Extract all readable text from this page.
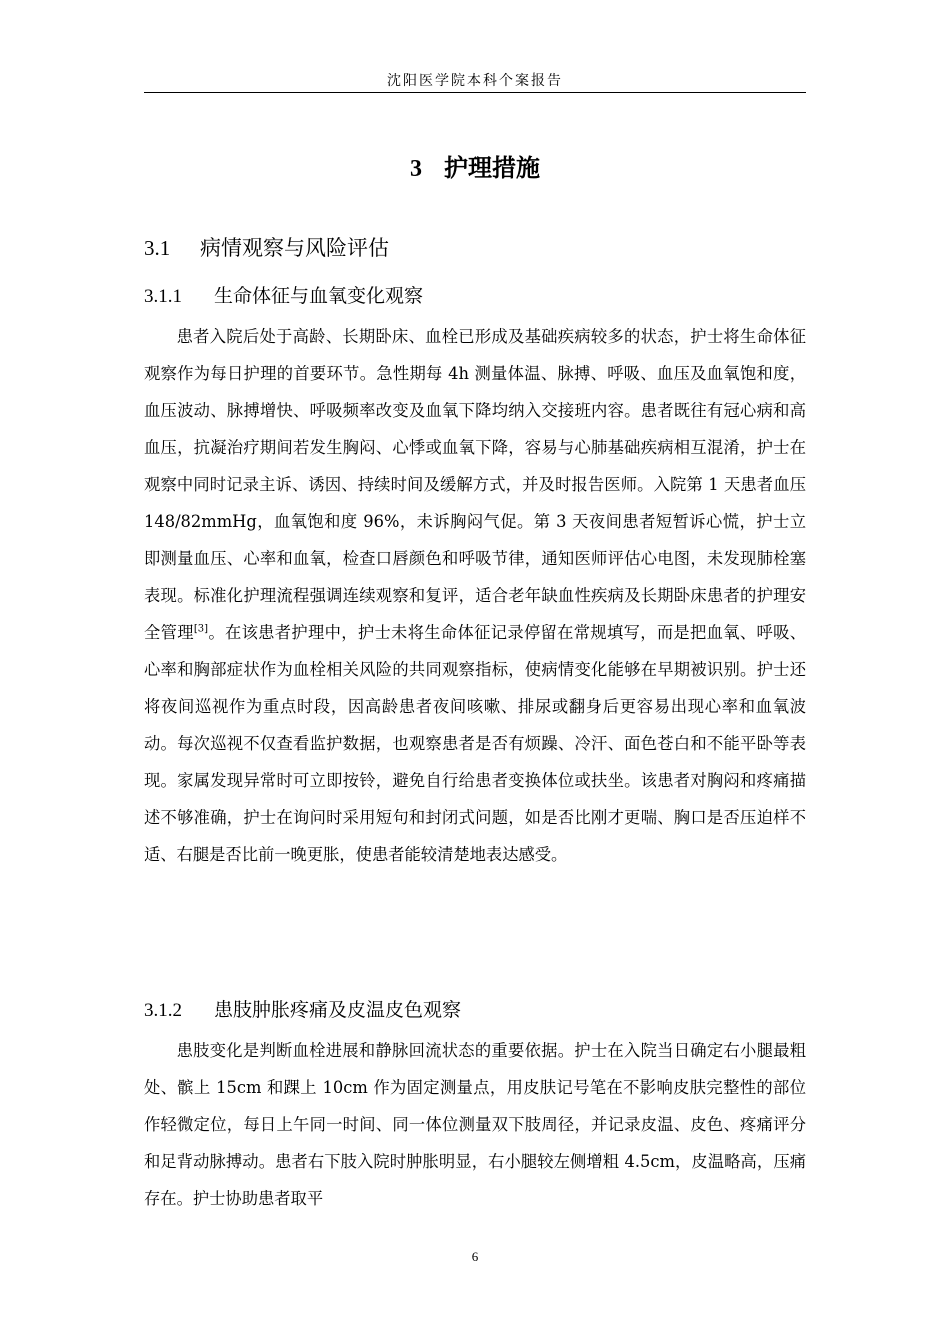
沈阳医学院本科个案报告
3 护理措施
3.1 病情观察与风险评估
3.1.1 生命体征与血氧变化观察

患者入院后处于高龄、长期卧床、血栓已形成及基础疾病较多的状态，护士将生命体征观察作为每日护理的首要环节。急性期每 4h 测量体温、脉搏、呼吸、血压及血氧饱和度，血压波动、脉搏增快、呼吸频率改变及血氧下降均纳入交接班内容。患者既往有冠心病和高血压，抗凝治疗期间若发生胸闷、心悸或血氧下降，容易与心肺基础疾病相互混淆，护士在观察中同时记录主诉、诱因、持续时间及缓解方式，并及时报告医师。入院第 1 天患者血压 148/82mmHg，血氧饱和度 96%，未诉胸闷气促。第 3 天夜间患者短暂诉心慌，护士立即测量血压、心率和血氧，检查口唇颜色和呼吸节律，通知医师评估心电图，未发现肺栓塞表现。标准化护理流程强调连续观察和复评，适合老年缺血性疾病及长期卧床患者的护理安全管理[3]。在该患者护理中，护士未将生命体征记录停留在常规填写，而是把血氧、呼吸、心率和胸部症状作为血栓相关风险的共同观察指标，使病情变化能够在早期被识别。护士还将夜间巡视作为重点时段，因高龄患者夜间咳嗽、排尿或翻身后更容易出现心率和血氧波动。每次巡视不仅查看监护数据，也观察患者是否有烦躁、冷汗、面色苍白和不能平卧等表现。家属发现异常时可立即按铃，避免自行给患者变换体位或扶坐。该患者对胸闷和疼痛描述不够准确，护士在询问时采用短句和封闭式问题，如是否比刚才更喘、胸口是否压迫样不适、右腿是否比前一晚更胀，使患者能较清楚地表达感受。

3.1.2 患肢肿胀疼痛及皮温皮色观察

患肢变化是判断血栓进展和静脉回流状态的重要依据。护士在入院当日确定右小腿最粗处、髌上 15cm 和踝上 10cm 作为固定测量点，用皮肤记号笔在不影响皮肤完整性的部位作轻微定位，每日上午同一时间、同一体位测量双下肢周径，并记录皮温、皮色、疼痛评分和足背动脉搏动。患者右下肢入院时肿胀明显，右小腿较左侧增粗 4.5cm，皮温略高，压痛存在。护士协助患者取平

6
